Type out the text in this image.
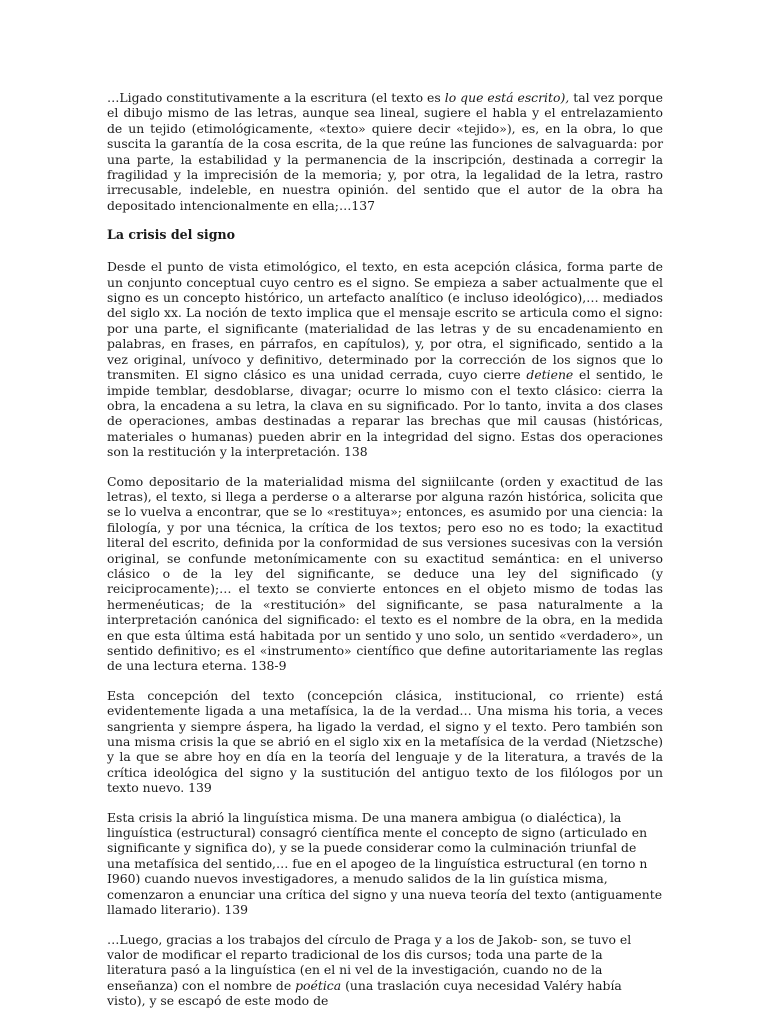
…Ligado constitutivamente a la escritura (el texto es lo que está escrito), tal vez porque el dibujo mismo de las letras, aunque sea lineal, sugiere el habla y el entrelazamiento de un tejido (etimológicamente, «texto» quiere decir «tejido»), es, en la obra, lo que suscita la garantía de la cosa escrita, de la que reúne las funciones de salvaguarda: por una parte, la estabilidad y la permanencia de la inscripción, destinada a corregir la fragilidad y la imprecisión de la memoria; y, por otra, la legalidad de la letra, rastro irrecusable, indeleble, en nuestra opinión. del sentido que el autor de la obra ha depositado intencionalmente en ella;…137

La crisis del signo

Desde el punto de vista etimológico, el texto, en esta acepción clásica, forma parte de un conjunto conceptual cuyo centro es el signo. Se empieza a saber actualmente que el signo es un concepto histórico, un artefacto analítico (e incluso ideológico),… mediados del siglo xx. La noción de texto implica que el mensaje escrito se articula como el signo: por una parte, el significante (materialidad de las letras y de su encadenamiento en palabras, en frases, en párrafos, en capítulos), y, por otra, el significado, sentido a la vez original, unívoco y definitivo, determinado por la corrección de los signos que lo transmiten. El signo clásico es una unidad cerrada, cuyo cierre detiene el sentido, le impide temblar, desdoblarse, divagar; ocurre lo mismo con el texto clásico: cierra la obra, la encadena a su letra, la clava en su significado. Por lo tanto, invita a dos clases de operaciones, ambas destinadas a reparar las brechas que mil causas (históricas, materiales o humanas) pueden abrir en la integridad del signo. Estas dos operaciones son la restitución y la interpretación. 138

Como depositario de la materialidad misma del signiilcante (orden y exactitud de las letras), el texto, si llega a perderse o a alterarse por alguna razón histórica, solicita que se lo vuelva a encontrar, que se lo «restituya»; entonces, es asumido por una ciencia: la filología, y por una técnica, la crítica de los textos; pero eso no es todo; la exactitud literal del escrito, definida por la conformidad de sus versiones sucesivas con la versión original, se confunde metonímicamente con su exactitud semántica: en el universo clásico o de la ley del significante, se deduce una ley del significado (y reiciprocamente);… el texto se convierte entonces en el objeto mismo de todas las hermenéuticas; de la «restitución» del significante, se pasa naturalmente a la interpretación canónica del significado: el texto es el nombre de la obra, en la medida en que esta última está habitada por un sentido y uno solo, un sentido «verdadero», un sentido definitivo; es el «instrumento» científico que define autoritariamente las reglas de una lectura eterna. 138-9

Esta concepción del texto (concepción clásica, institucional, co rriente) está evidentemente ligada a una metafísica, la de la verdad… Una misma his toria, a veces sangrienta y siempre áspera, ha ligado la verdad, el signo y el texto. Pero también son una misma crisis la que se abrió en el siglo xix en la metafísica de la verdad (Nietzsche) y la que se abre hoy en día en la teoría del lenguaje y de la literatura, a través de la crítica ideológica del signo y la sustitución del antiguo texto de los filólogos por un texto nuevo. 139

Esta crisis la abrió la linguística misma. De una manera ambigua (o dialéctica), la linguística (estructural) consagró científica mente el concepto de signo (articulado en significante y significa do), y se la puede considerar como la culminación triunfal de una metafísica del sentido,… fue en el apogeo de la linguística estructural (en torno n I960) cuando nuevos investigadores, a menudo salidos de la lin guística misma, comenzaron a enunciar una crítica del signo y una nueva teoría del texto (antiguamente llamado literario). 139

…Luego, gracias a los trabajos del círculo de Praga y a los de Jakob- son, se tuvo el valor de modificar el reparto tradicional de los dis cursos; toda una parte de la literatura pasó a la linguística (en el ni vel de la investigación, cuando no de la enseñanza) con el nombre de poética (una traslación cuya necesidad Valéry había visto), y se escapó de este modo de
